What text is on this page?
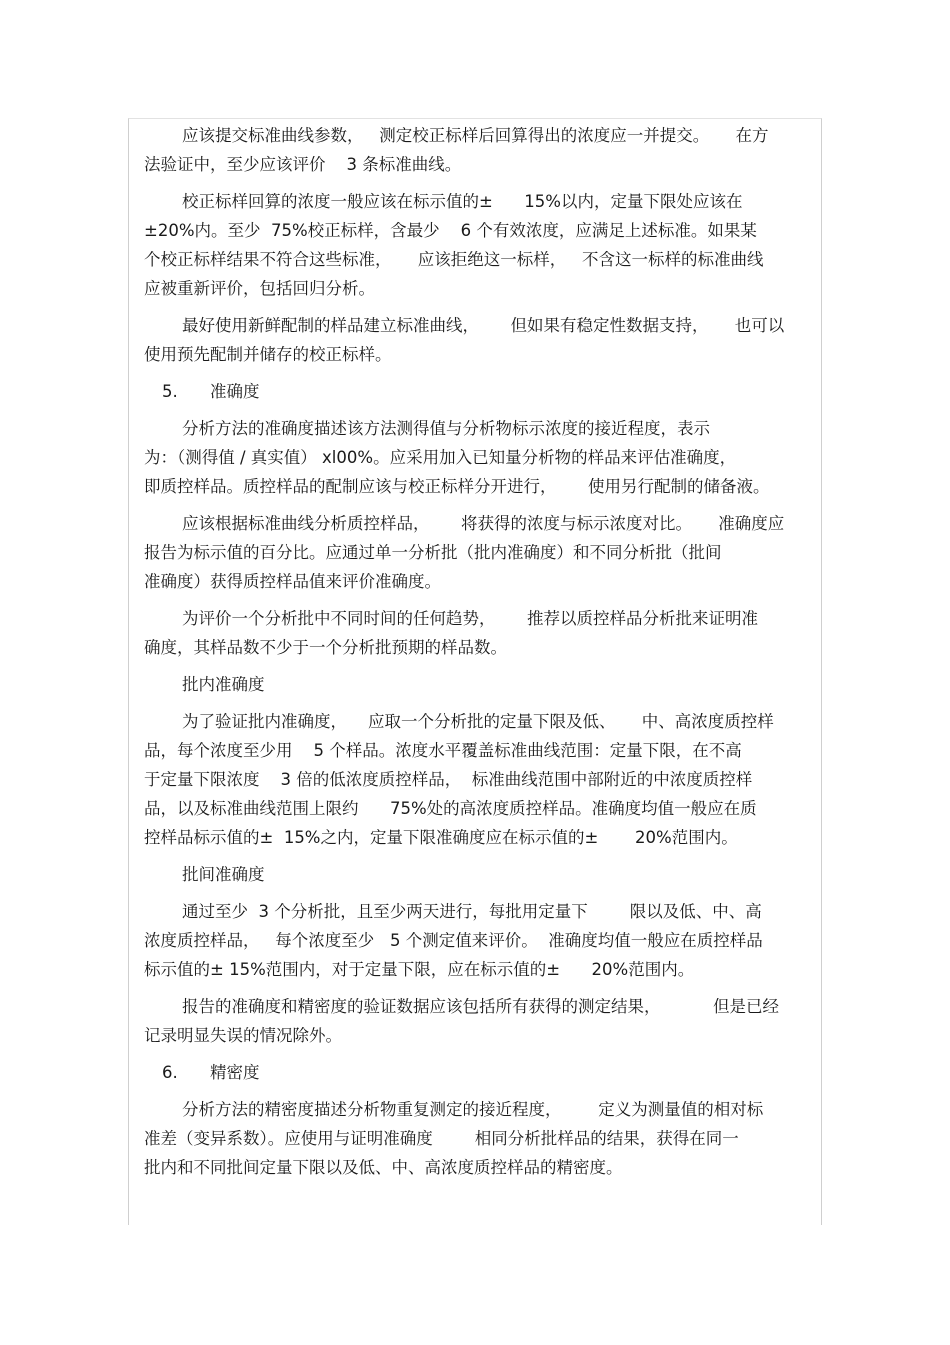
应该提交标准曲线参数，   测定校正标样后回算得出的浓度应一并提交。     在方
法验证中，至少应该评价    3 条标准曲线。
校正标样回算的浓度一般应该在标示值的±      15%以内，定量下限处应该在
±20%内。至少  75%校正标样，含最少    6 个有效浓度，应满足上述标准。如果某
个校正标样结果不符合这些标准，     应该拒绝这一标样，   不含这一标样的标准曲线
应被重新评价，包括回归分析。
最好使用新鲜配制的样品建立标准曲线，      但如果有稳定性数据支持，     也可以
使用预先配制并储存的校正标样。
5. 准确度
分析方法的准确度描述该方法测得值与分析物标示浓度的接近程度，表示
为：（测得值 / 真实值） xl00%。应采用加入已知量分析物的样品来评估准确度，
即质控样品。质控样品的配制应该与校正标样分开进行，      使用另行配制的储备液。
应该根据标准曲线分析质控样品，      将获得的浓度与标示浓度对比。     准确度应
报告为标示值的百分比。应通过单一分析批（批内准确度）和不同分析批（批间
准确度）获得质控样品值来评价准确度。
为评价一个分析批中不同时间的任何趋势，      推荐以质控样品分析批来证明准
确度，其样品数不少于一个分析批预期的样品数。
批内准确度
为了验证批内准确度，    应取一个分析批的定量下限及低、     中、高浓度质控样
品，每个浓度至少用    5 个样品。浓度水平覆盖标准曲线范围：定量下限，在不高
于定量下限浓度    3 倍的低浓度质控样品，  标准曲线范围中部附近的中浓度质控样
品，以及标准曲线范围上限约      75%处的高浓度质控样品。准确度均值一般应在质
控样品标示值的±  15%之内，定量下限准确度应在标示值的±       20%范围内。
批间准确度
通过至少  3 个分析批，且至少两天进行，每批用定量下        限以及低、中、高
浓度质控样品，   每个浓度至少   5 个测定值来评价。  准确度均值一般应在质控样品
标示值的± 15%范围内，对于定量下限，应在标示值的±      20%范围内。
报告的准确度和精密度的验证数据应该包括所有获得的测定结果，          但是已经
记录明显失误的情况除外。
6. 精密度
分析方法的精密度描述分析物重复测定的接近程度，       定义为测量值的相对标
准差（变异系数）。应使用与证明准确度        相同分析批样品的结果，获得在同一
批内和不同批间定量下限以及低、中、高浓度质控样品的精密度。
